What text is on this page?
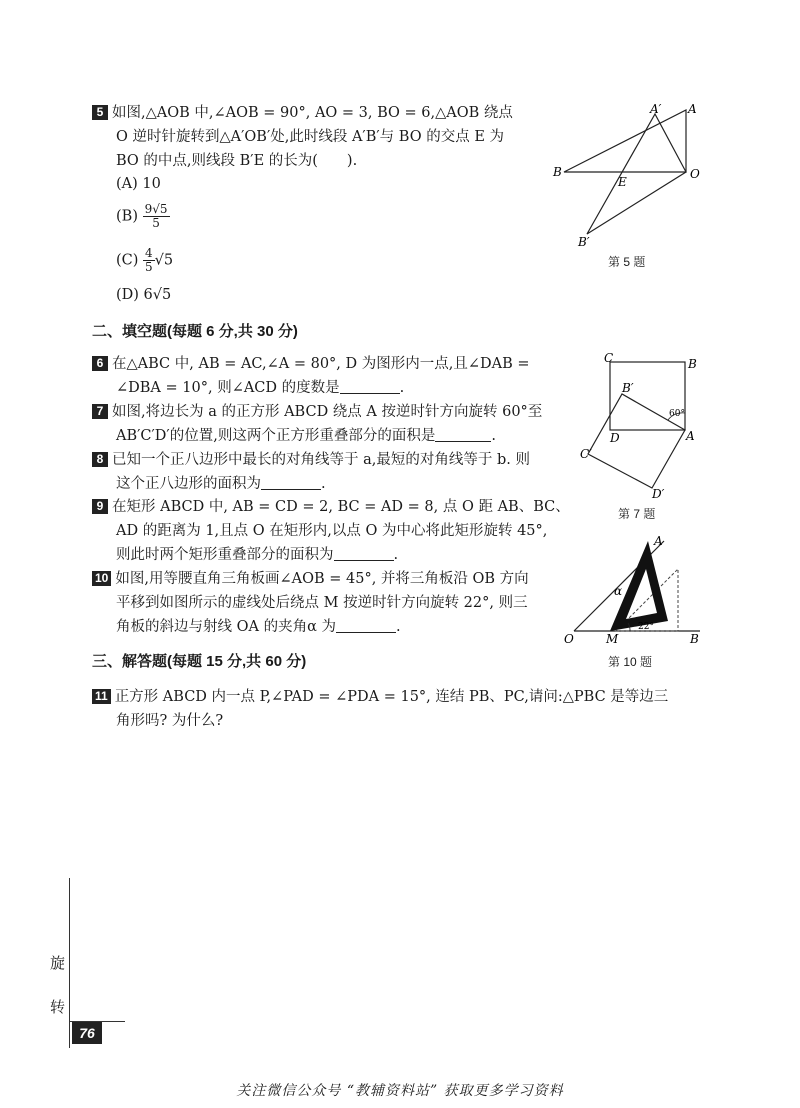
5 如图,△AOB 中,∠AOB = 90°, AO = 3, BO = 6,△AOB 绕点
O 逆时针旋转到△A′OB′处,此时线段 A′B′与 BO 的交点 E 为
BO 的中点,则线段 B′E 的长为(　　).
(A) 10
$(B) \frac{9√5}{5}$
$(C) \frac{4}{5} √5$
(D) 6√5
A′ A
B
E
O
B′
第 5 题
二、填空题(每题 6 分,共 30 分)
6 在△ABC 中, AB = AC,∠A = 80°, D 为图形内一点,且∠DAB =
∠DBA = 10°, 则∠ACD 的度数是	.
7 如图,将边长为 a 的正方形 ABCD 绕点 A 按逆时针方向旋转 60°至
AB′C′D′的位置,则这两个正方形重叠部分的面积是	.
C	B
B′
D	A
C′
D′
60°
第 7 题
8 已知一个正八边形中最长的对角线等于 a,最短的对角线等于 b. 则
这个正八边形的面积为	.
9 在矩形 ABCD 中, AB = CD = 2, BC = AD = 8, 点 O 距 AB、BC、
AD 的距离为 1,且点 O 在矩形内,以点 O 为中心将此矩形旋转 45°,
则此时两个矩形重叠部分的面积为	.
10 如图,用等腰直角三角板画∠AOB = 45°, 并将三角板沿 OB 方向
平移到如图所示的虚线处后绕点 M 按逆时针方向旋转 22°, 则三
角板的斜边与射线 OA 的夹角α 为	.
A
O	M	B
α
22°
第 10 题
三、解答题(每题 15 分,共 60 分)
11 正方形 ABCD 内一点 P,∠PAD = ∠PDA = 15°, 连结 PB、PC,请问:△PBC 是等边三
角形吗? 为什么?
旋
转
76
关注微信公众号 “教辅资料站” 获取更多学习资料
